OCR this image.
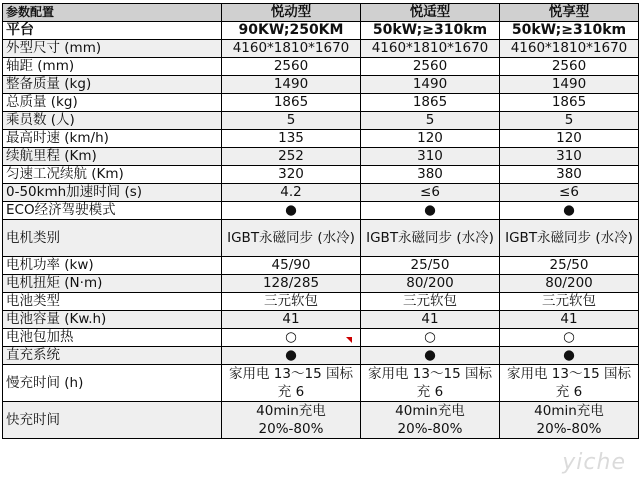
参数配置	悦动型	悦适型	悦享型
平台	90KW;250KM	50kW;≥310km	50kW;≥310km
外型尺寸 (mm)	4160*1810*1670	4160*1810*1670	4160*1810*1670
轴距 (mm)	2560	2560	2560
整备质量 (kg)	1490	1490	1490
总质量 (kg)	1865	1865	1865
乘员数 (人)	5	5	5
最高时速 (km/h)	135	120	120
续航里程 (Km)	252	310	310
匀速工况续航 (Km)	320	380	380
0-50kmh加速时间 (s)	4.2	≤6	≤6
ECO经济驾驶模式	●	●	●
电机类别	IGBT永磁同步 (水冷)	IGBT永磁同步 (水冷)	IGBT永磁同步 (水冷)
电机功率 (kw)	45/90	25/50	25/50
电机扭矩 (N·m)	128/285	80/200	80/200
电池类型	三元软包	三元软包	三元软包
电池容量 (Kw.h)	41	41	41
电池包加热	○	○	○
直充系统	●	●	●
慢充时间 (h)	家用电 13～15 国标充 6	家用电 13～15 国标充 6	家用电 13～15 国标充 6
快充时间	40min充电20%-80%	40min充电20%-80%	40min充电20%-80%
yiche
